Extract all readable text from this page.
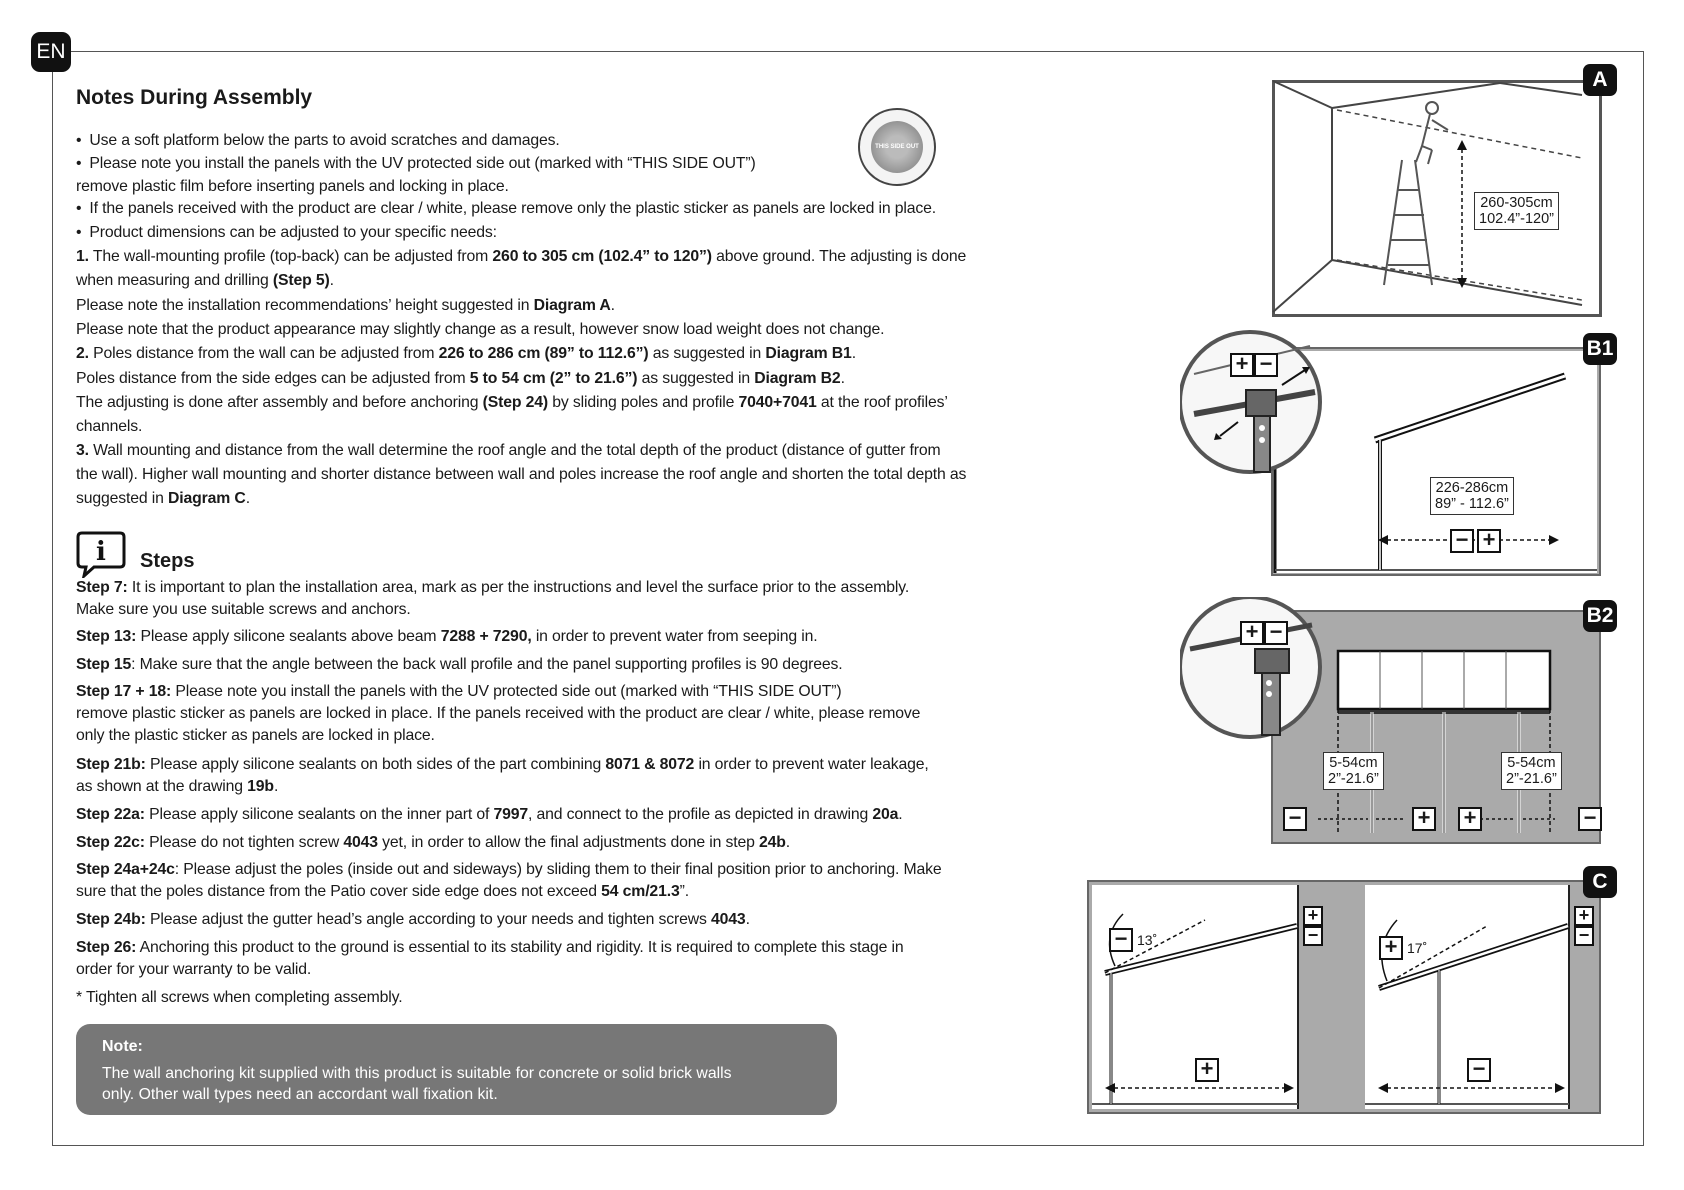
EN
Notes During Assembly
• Use a soft platform below the parts to avoid scratches and damages.
• Please note you install the panels with the UV protected side out (marked with “THIS SIDE OUT”)
remove plastic film before inserting panels and locking in place.
• If the panels received with the product are clear / white, please remove only the plastic sticker as panels are locked in place.
• Product dimensions can be adjusted to your specific needs:
THIS SIDE OUT
1. The wall-mounting profile (top-back) can be adjusted from 260 to 305 cm (102.4” to 120”) above ground. The adjusting is done
when measuring and drilling (Step 5).
Please note the installation recommendations’ height suggested in Diagram A.
Please note that the product appearance may slightly change as a result, however snow load weight does not change.
2. Poles distance from the wall can be adjusted from 226 to 286 cm (89” to 112.6”) as suggested in Diagram B1.
Poles distance from the side edges can be adjusted from 5 to 54 cm (2” to 21.6”) as suggested in Diagram B2.
The adjusting is done after assembly and before anchoring (Step 24) by sliding poles and profile 7040+7041 at the roof profiles’
channels.
3. Wall mounting and distance from the wall determine the roof angle and the total depth of the product (distance of gutter from
the wall). Higher wall mounting and shorter distance between wall and poles increase the roof angle and shorten the total depth as
suggested in Diagram C.
i Steps
Step 7: It is important to plan the installation area, mark as per the instructions and level the surface prior to the assembly.
Make sure you use suitable screws and anchors.
Step 13: Please apply silicone sealants above beam 7288 + 7290, in order to prevent water from seeping in.
Step 15: Make sure that the angle between the back wall profile and the panel supporting profiles is 90 degrees.
Step 17 + 18: Please note you install the panels with the UV protected side out (marked with “THIS SIDE OUT”)
remove plastic sticker as panels are locked in place. If the panels received with the product are clear / white, please remove
only the plastic sticker as panels are locked in place.
Step 21b: Please apply silicone sealants on both sides of the part combining 8071 & 8072 in order to prevent water leakage,
as shown at the drawing 19b.
Step 22a: Please apply silicone sealants on the inner part of 7997, and connect to the profile as depicted in drawing 20a.
Step 22c: Please do not tighten screw 4043 yet, in order to allow the final adjustments done in step 24b.
Step 24a+24c: Please adjust the poles (inside out and sideways) by sliding them to their final position prior to anchoring. Make
sure that the poles distance from the Patio cover side edge does not exceed 54 cm/21.3”.
Step 24b: Please adjust the gutter head’s angle according to your needs and tighten screws 4043.
Step 26: Anchoring this product to the ground is essential to its stability and rigidity. It is required to complete this stage in
order for your warranty to be valid.
* Tighten all screws when completing assembly.
Note:
The wall anchoring kit supplied with this product is suitable for concrete or solid brick walls
only. Other wall types need an accordant wall fixation kit.
A
260-305cm
102.4”-120”
B1
+ −
226-286cm
89” - 112.6”
− +
B2
+ −
5-54cm
2”-21.6”
5-54cm
2”-21.6”
−	+ +	−
C
− 13˚	+ 17˚
+	−
+
−
+
−
